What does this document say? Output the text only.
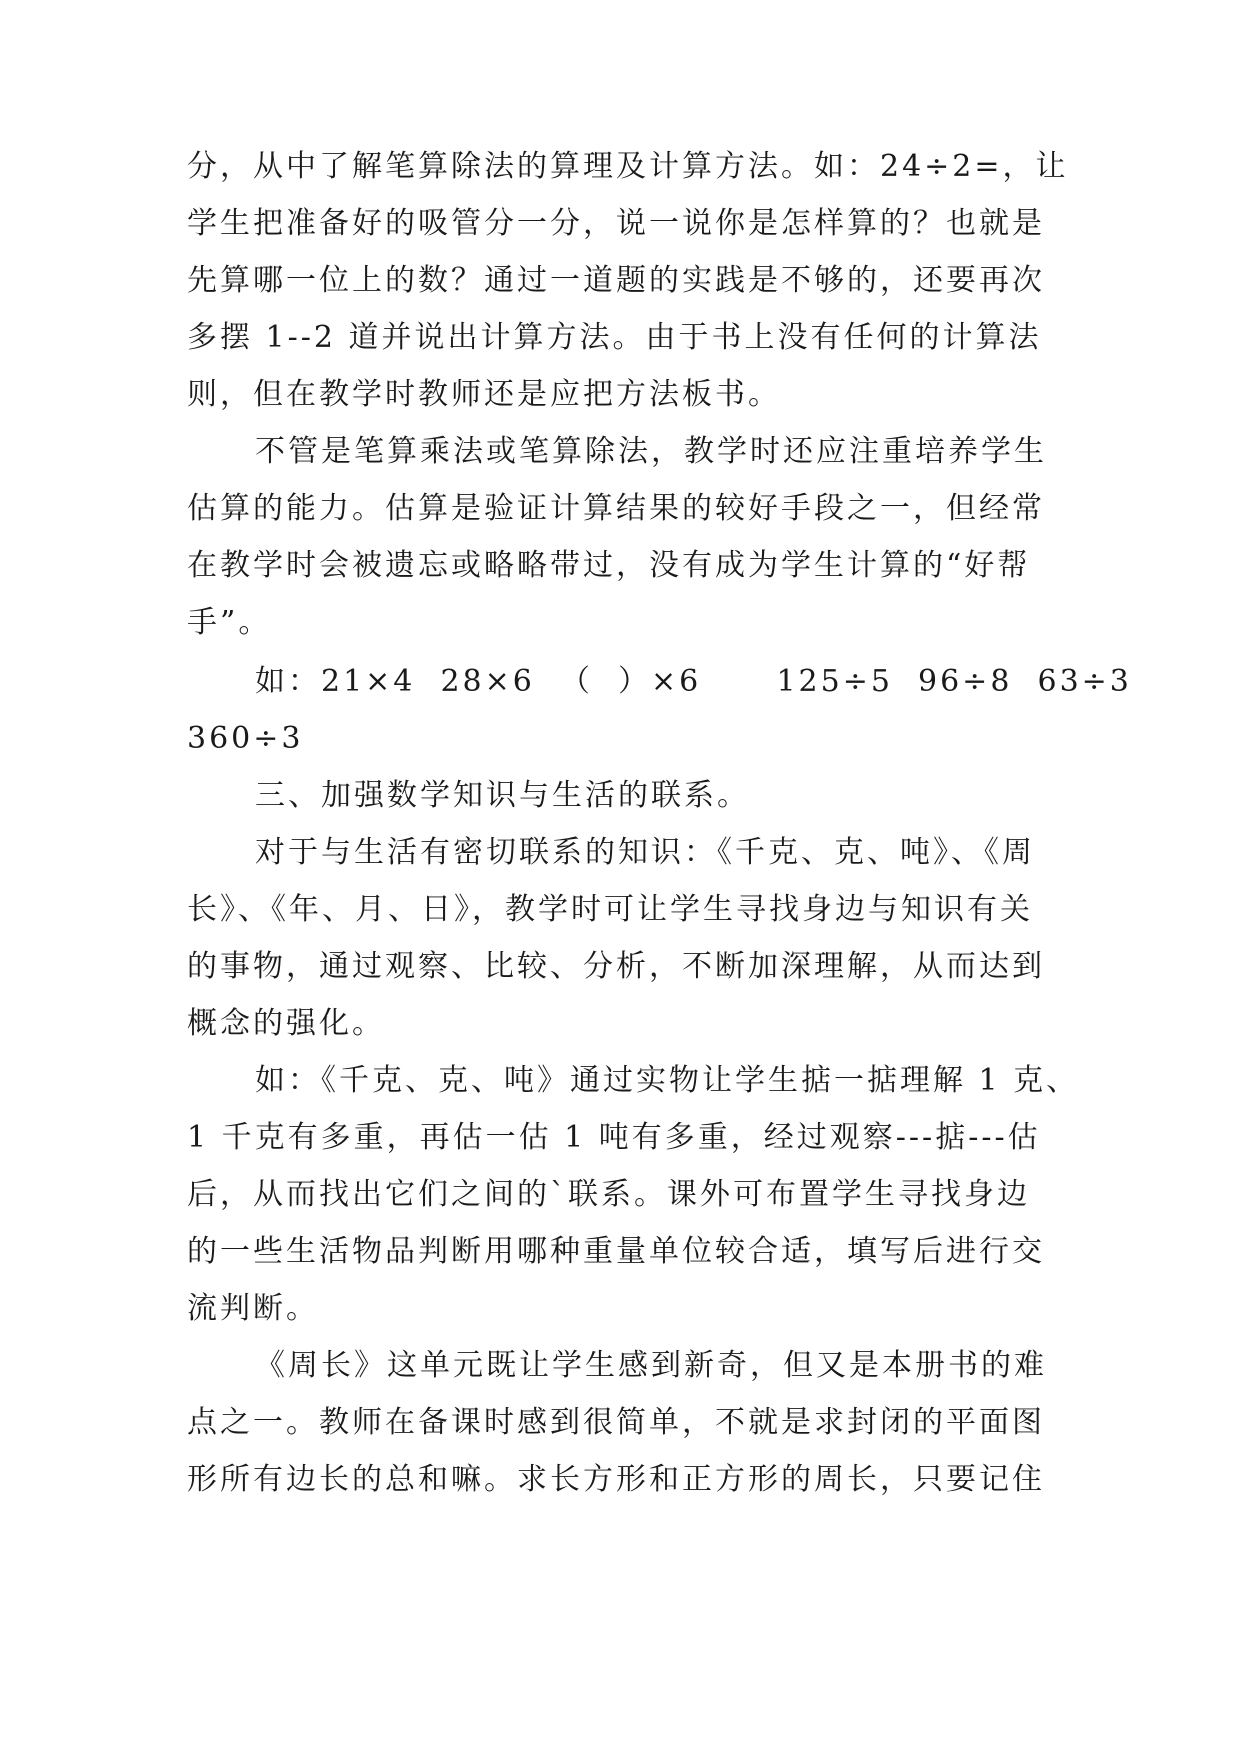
分，从中了解笔算除法的算理及计算方法。如：24÷2=，让
学生把准备好的吸管分一分，说一说你是怎样算的？也就是
先算哪一位上的数？通过一道题的实践是不够的，还要再次
多摆 1--2 道并说出计算方法。由于书上没有任何的计算法
则，但在教学时教师还是应把方法板书。
不管是笔算乘法或笔算除法，教学时还应注重培养学生
估算的能力。估算是验证计算结果的较好手段之一，但经常
在教学时会被遗忘或略略带过，没有成为学生计算的“好帮
手”。
如：21×4  28×6  （  ）×6      125÷5  96÷8  63÷3
360÷3
三、加强数学知识与生活的联系。
对于与生活有密切联系的知识：《千克、克、吨》、《周
长》、《年、月、日》，教学时可让学生寻找身边与知识有关
的事物，通过观察、比较、分析，不断加深理解，从而达到
概念的强化。
如：《千克、克、吨》通过实物让学生掂一掂理解 1 克、
1 千克有多重，再估一估 1 吨有多重，经过观察---掂---估
后，从而找出它们之间的`联系。课外可布置学生寻找身边
的一些生活物品判断用哪种重量单位较合适，填写后进行交
流判断。
《周长》这单元既让学生感到新奇，但又是本册书的难
点之一。教师在备课时感到很简单，不就是求封闭的平面图
形所有边长的总和嘛。求长方形和正方形的周长，只要记住
